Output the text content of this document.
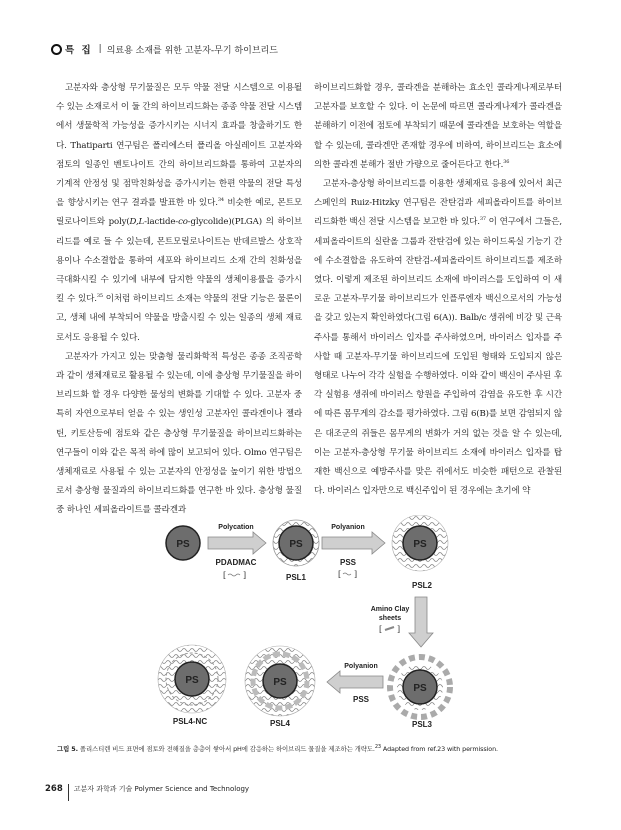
특 집 | 의료용 소재를 위한 고분자-무기 하이브리드

고분자와 층상형 무기물질은 모두 약물 전달 시스템으로 이용될 수 있는 소재로서 이 둘 간의 하이브리드화는 종종 약물 전달 시스템에서 생물학적 가능성을 증가시키는 시너지 효과를 창출하기도 한다. Thatiparti 연구팀은 폴리에스터 폴리올 아실레이트 고분자와 점토의 일종인 벤토나이트 간의 하이브리드화를 통하여 고분자의 기계적 안정성 및 점막친화성을 증가시키는 한편 약물의 전달 특성을 향상시키는 연구 결과를 발표한 바 있다.$^{34}$ 비슷한 예로, 몬트모릴로나이트와 poly(D,L-lactide-co-glycolide)(PLGA) 의 하이브리드를 예로 들 수 있는데, 몬트모릴로나이트는 반데르발스 상호작용이나 수소결합을 통하여 세포와 하이브리드 소재 간의 친화성을 극대화시킬 수 있기에 내부에 담지한 약물의 생체이용률을 증가시킬 수 있다.$^{35}$ 이처럼 하이브리드 소재는 약물의 전달 기능은 물론이고, 생체 내에 부착되어 약물을 방출시킬 수 있는 일종의 생체 재료로서도 응용될 수 있다.

고분자가 가지고 있는 맞춤형 물리화학적 특성은 종종 조직공학과 같이 생체재료로 활용될 수 있는데, 이에 층상형 무기물질을 하이브리드화 할 경우 다양한 물성의 변화를 기대할 수 있다. 고분자 중 특히 자연으로부터 얻을 수 있는 생인성 고분자인 콜라겐이나 젤라틴, 키토산등에 점토와 같은 층상형 무기물질을 하이브리드화하는 연구들이 이와 같은 목적 하에 많이 보고되어 있다. Olmo 연구팀은 생체재료로 사용될 수 있는 고분자의 안정성을 높이기 위한 방법으로서 층상형 물질과의 하이브리드화를 연구한 바 있다. 층상형 물질 중 하나인 세피올라이트를 콜라겐과

하이브리드화할 경우, 콜라겐을 분해하는 효소인 콜라게나제로부터 고분자를 보호할 수 있다. 이 논문에 따르면 콜라게나제가 콜라겐을 분해하기 이전에 점토에 부착되기 때문에 콜라겐을 보호하는 역할을 할 수 있는데, 콜라겐만 존재할 경우에 비하여, 하이브리드는 효소에 의한 콜라겐 분해가 절반 가량으로 줄어든다고 한다.$^{36}$

고분자-층상형 하이브리드를 이용한 생체재료 응용에 있어서 최근 스페인의 Ruiz-Hitzky 연구팀은 잔탄검과 세피올라이트를 하이브리드화한 백신 전달 시스템을 보고한 바 있다.$^{37}$ 이 연구에서 그들은, 세피올라이트의 실란올 그룹과 잔탄검에 있는 하이드록실 기능기 간에 수소결합을 유도하여 잔탄검-세피올라이트 하이브리드를 제조하였다. 이렇게 제조된 하이브리드 소재에 바이러스를 도입하여 이 새로운 고분자-무기물 하이브리드가 인플루엔자 백신으로서의 가능성을 갖고 있는지 확인하였다(그림 6(A)). Balb/c 생쥐에 비강 및 근육 주사를 통해서 바이러스 입자를 주사하였으며, 바이러스 입자를 주사할 때 고분자-무기물 하이브리드에 도입된 형태와 도입되지 않은 형태로 나누어 각각 실험을 수행하였다. 이와 같이 백신이 주사된 후 각 실험용 생쥐에 바이러스 항원을 주입하여 감염을 유도한 후 시간에 따른 몸무게의 감소를 평가하였다. 그림 6(B)를 보면 감염되지 않은 대조군의 쥐들은 몸무게의 변화가 거의 없는 것을 알 수 있는데, 이는 고분자-층상형 무기물 하이브리드 소재에 바이러스 입자를 탑재한 백신으로 예방주사를 맞은 쥐에서도 비슷한 패턴으로 관찰된다. 바이러스 입자만으로 백신주입이 된 경우에는 초기에 약

PS
Polycation
PDADMAC
[ ]
PS
PSL1
Polyanion
PSS
[ ]
PS
PSL2
Amino Clay
sheets
[ ]
PS
PSL3
Polyanion
PSS
PS
PSL4
PS
PSL4-NC
그림 5. 폴리스티렌 비드 표면에 점토와 전해질을 층층이 쌓아서 pH에 감응하는 하이브리드 물질을 제조하는 개략도.$^{23}$ Adapted from ref.23 with permission.
268 고분자 과학과 기술 Polymer Science and Technology
